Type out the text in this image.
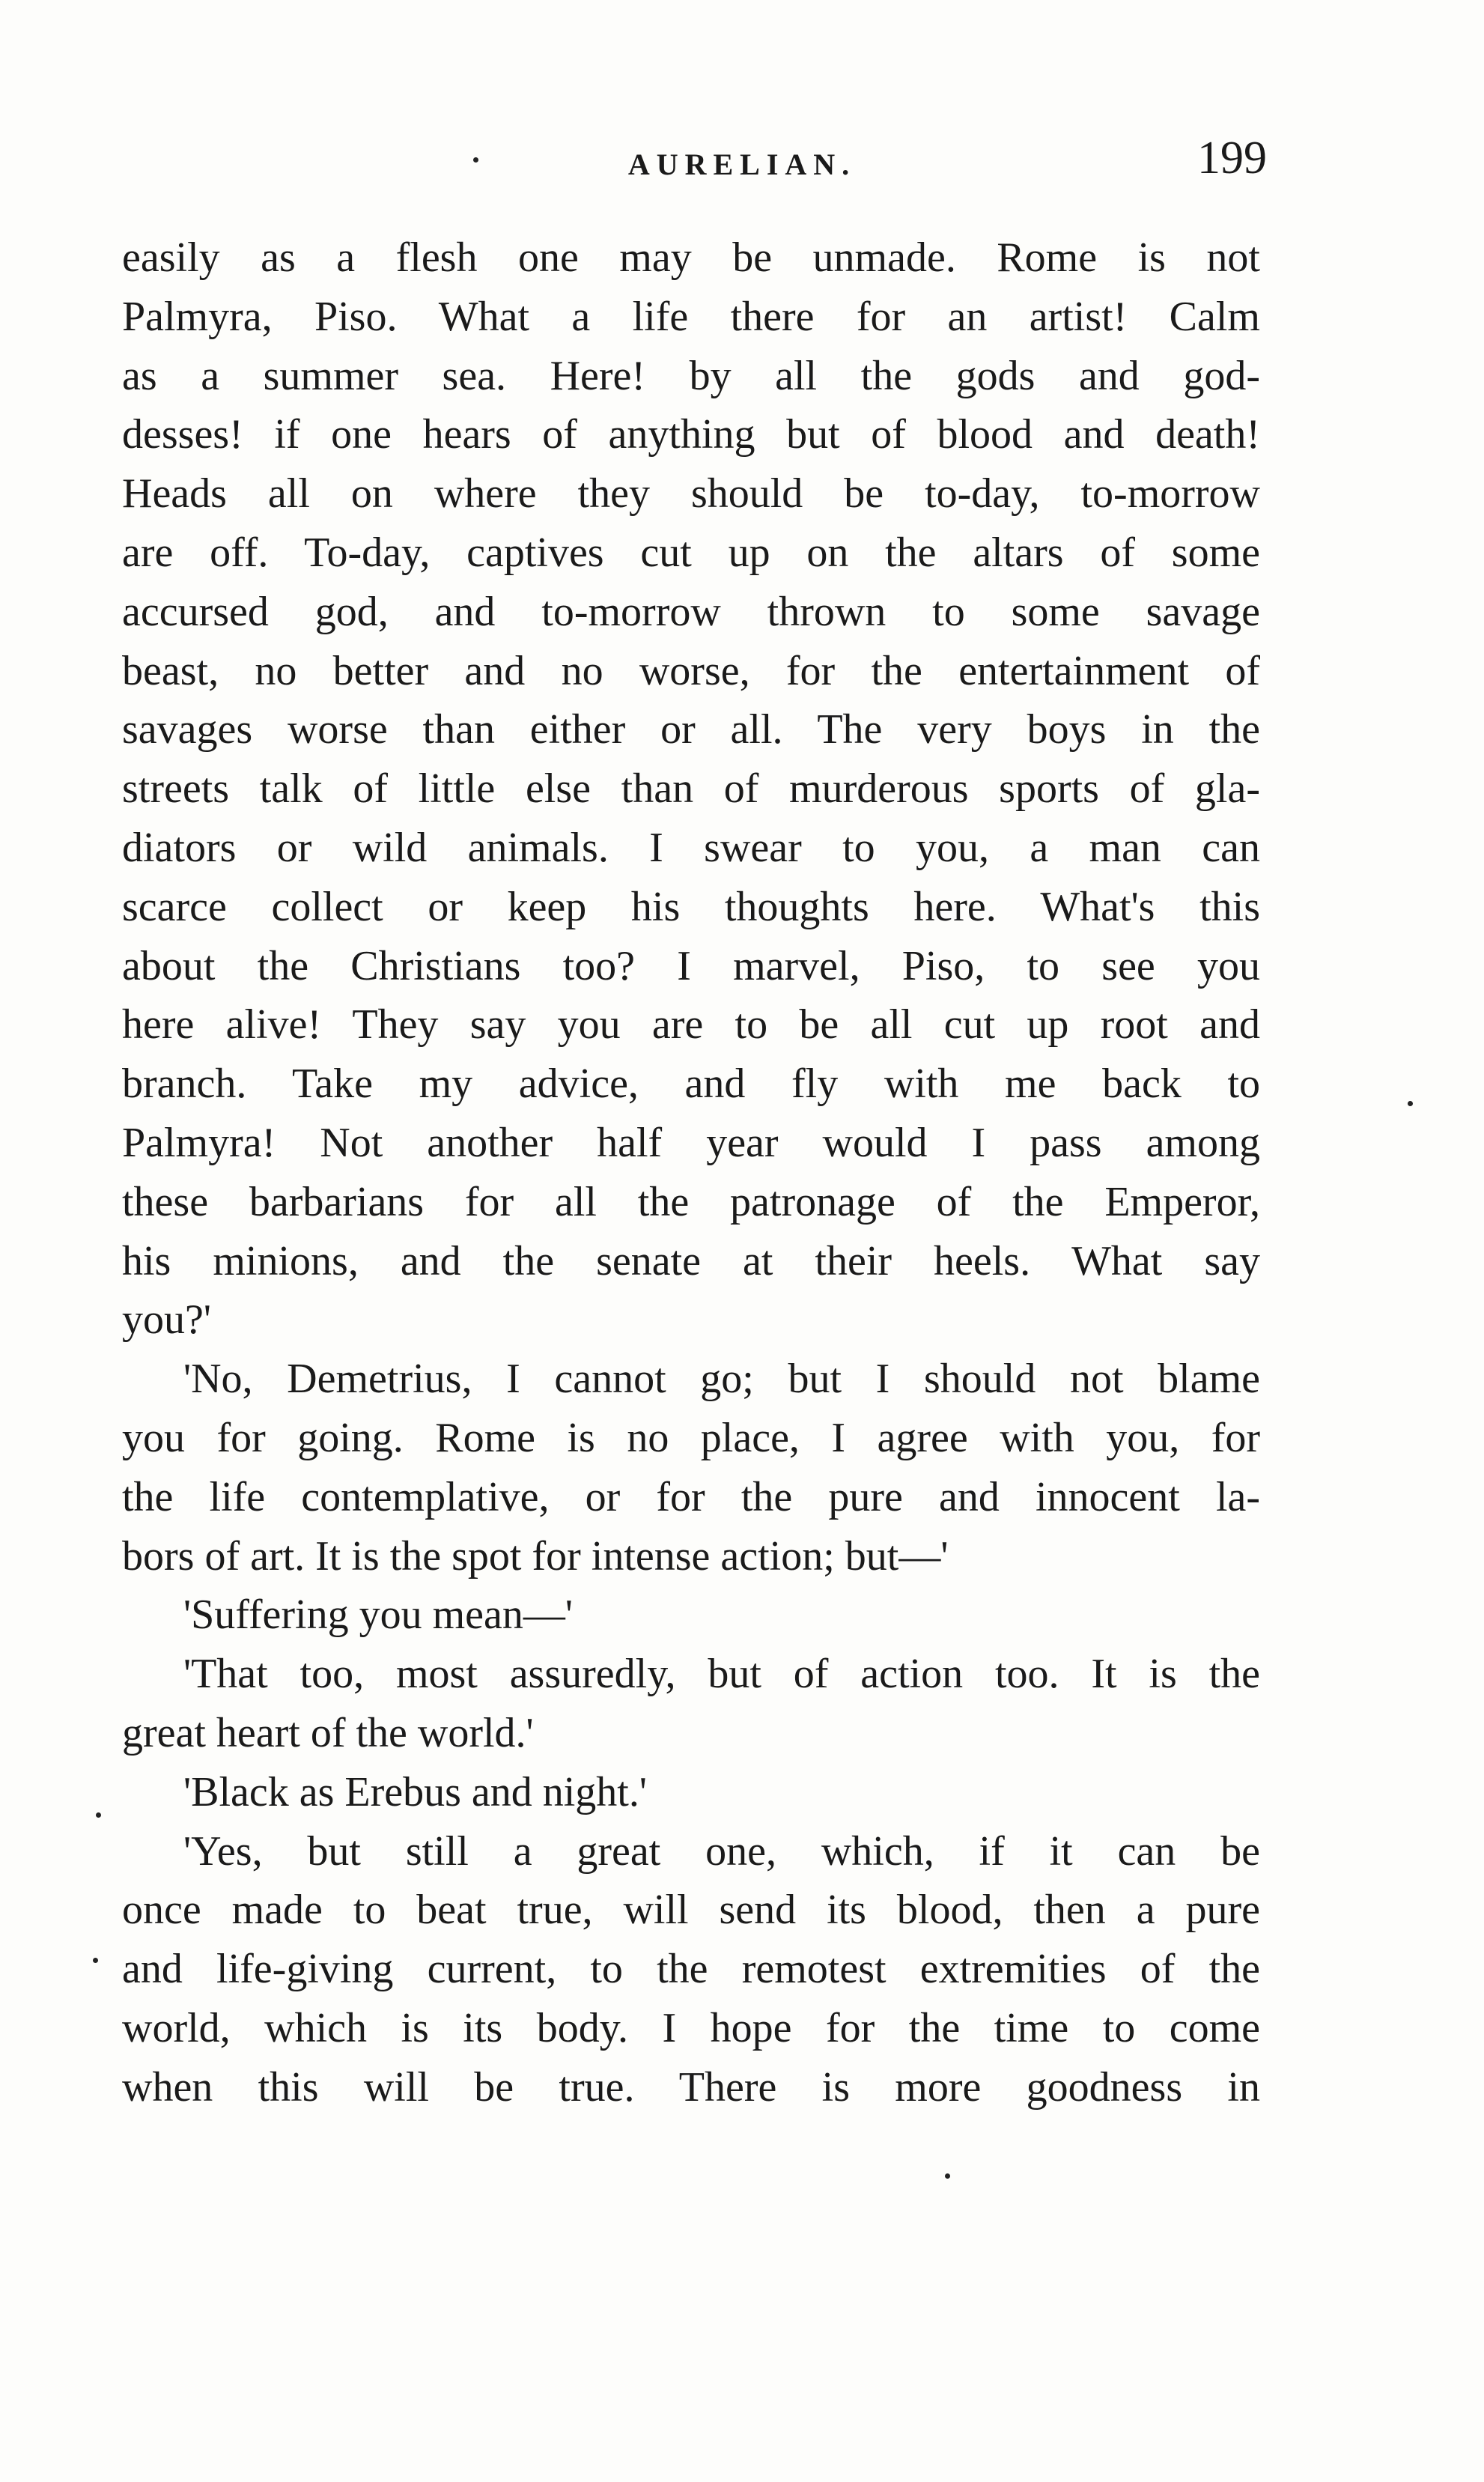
AURELIAN.	199
easily as a flesh one may be unmade. Rome is not
Palmyra, Piso. What a life there for an artist! Calm
as a summer sea. Here! by all the gods and god-
desses! if one hears of anything but of blood and death!
Heads all on where they should be to-day, to-morrow
are off. To-day, captives cut up on the altars of some
accursed god, and to-morrow thrown to some savage
beast, no better and no worse, for the entertainment of
savages worse than either or all. The very boys in the
streets talk of little else than of murderous sports of gla-
diators or wild animals. I swear to you, a man can
scarce collect or keep his thoughts here. What's this
about the Christians too? I marvel, Piso, to see you
here alive! They say you are to be all cut up root and
branch. Take my advice, and fly with me back to
Palmyra! Not another half year would I pass among
these barbarians for all the patronage of the Emperor,
his minions, and the senate at their heels. What say
you?'
'No, Demetrius, I cannot go; but I should not blame
you for going. Rome is no place, I agree with you, for
the life contemplative, or for the pure and innocent la-
bors of art. It is the spot for intense action; but—'
'Suffering you mean—'
'That too, most assuredly, but of action too. It is the
great heart of the world.'
'Black as Erebus and night.'
'Yes, but still a great one, which, if it can be
once made to beat true, will send its blood, then a pure
and life-giving current, to the remotest extremities of the
world, which is its body. I hope for the time to come
when this will be true. There is more goodness in
